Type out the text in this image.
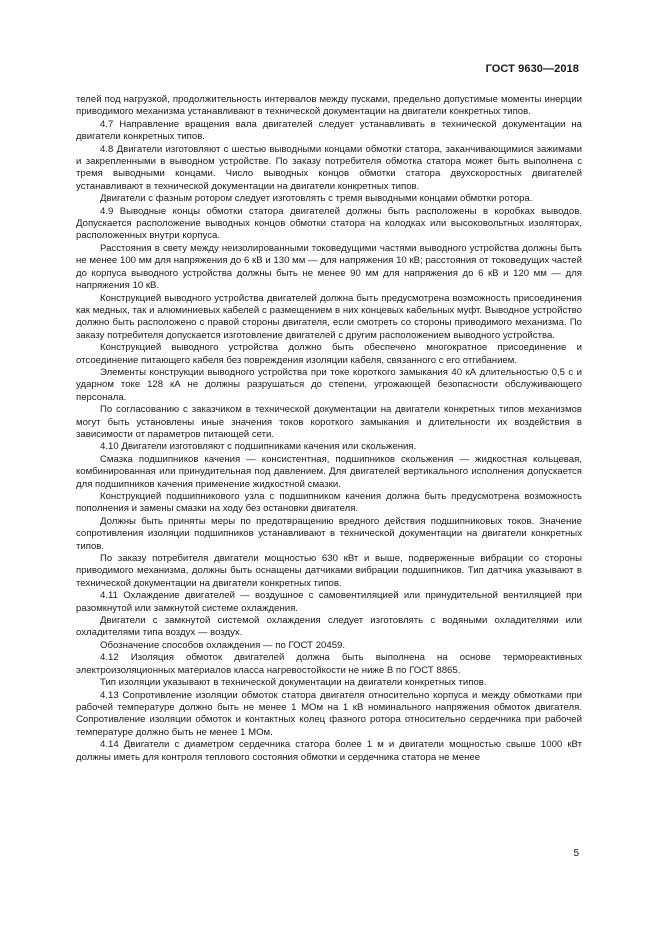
ГОСТ 9630—2018

телей под нагрузкой, продолжительность интервалов между пусками, предельно допустимые моменты инерции приводимого механизма устанавливают в технической документации на двигатели конкретных типов.

4.7 Направление вращения вала двигателей следует устанавливать в технической документации на двигатели конкретных типов.

4.8 Двигатели изготовляют с шестью выводными концами обмотки статора, заканчивающимися зажимами и закрепленными в выводном устройстве. По заказу потребителя обмотка статора может быть выполнена с тремя выводными концами. Число выводных концов обмотки статора двухскоростных двигателей устанавливают в технической документации на двигатели конкретных типов.

Двигатели с фазным ротором следует изготовлять с тремя выводными концами обмотки ротора.

4.9 Выводные концы обмотки статора двигателей должны быть расположены в коробках выводов. Допускается расположение выводных концов обмотки статора на колодках или высоковольтных изоляторах, расположенных внутри корпуса.

Расстояния в свету между неизолированными токоведущими частями выводного устройства должны быть не менее 100 мм для напряжения до 6 кВ и 130 мм — для напряжения 10 кВ; расстояния от токоведущих частей до корпуса выводного устройства должны быть не менее 90 мм для напряжения до 6 кВ и 120 мм — для напряжения 10 кВ.

Конструкцией выводного устройства двигателей должна быть предусмотрена возможность присоединения как медных, так и алюминиевых кабелей с размещением в них концевых кабельных муфт. Выводное устройство должно быть расположено с правой стороны двигателя, если смотреть со стороны приводимого механизма. По заказу потребителя допускается изготовление двигателей с другим расположением выводного устройства.

Конструкцией выводного устройства должно быть обеспечено многократное присоединение и отсоединение питающего кабеля без повреждения изоляции кабеля, связанного с его отгибанием.

Элементы конструкции выводного устройства при токе короткого замыкания 40 кА длительностью 0,5 с и ударном токе 128 кА не должны разрушаться до степени, угрожающей безопасности обслуживающего персонала.

По согласованию с заказчиком в технической документации на двигатели конкретных типов механизмов могут быть установлены иные значения токов короткого замыкания и длительности их воздействия в зависимости от параметров питающей сети.

4.10 Двигатели изготовляют с подшипниками качения или скольжения.

Смазка подшипников качения — консистентная, подшипников скольжения — жидкостная кольцевая, комбинированная или принудительная под давлением. Для двигателей вертикального исполнения допускается для подшипников качения применение жидкостной смазки.

Конструкцией подшипникового узла с подшипником качения должна быть предусмотрена возможность пополнения и замены смазки на ходу без остановки двигателя.

Должны быть приняты меры по предотвращению вредного действия подшипниковых токов. Значение сопротивления изоляции подшипников устанавливают в технической документации на двигатели конкретных типов.

По заказу потребителя двигатели мощностью 630 кВт и выше, подверженные вибрации со стороны приводимого механизма, должны быть оснащены датчиками вибрации подшипников. Тип датчика указывают в технической документации на двигатели конкретных типов.

4.11 Охлаждение двигателей — воздушное с самовентиляцией или принудительной вентиляцией при разомкнутой или замкнутой системе охлаждения.

Двигатели с замкнутой системой охлаждения следует изготовлять с водяными охладителями или охладителями типа воздух — воздух.

Обозначение способов охлаждения — по ГОСТ 20459.

4.12 Изоляция обмоток двигателей должна быть выполнена на основе термореактивных электроизоляционных материалов класса нагревостойкости не ниже В по ГОСТ 8865.

Тип изоляции указывают в технической документации на двигатели конкретных типов.

4.13 Сопротивление изоляции обмоток статора двигателя относительно корпуса и между обмотками при рабочей температуре должно быть не менее 1 МОм на 1 кВ номинального напряжения обмоток двигателя. Сопротивление изоляции обмоток и контактных колец фазного ротора относительно сердечника при рабочей температуре должно быть не менее 1 МОм.

4.14 Двигатели с диаметром сердечника статора более 1 м и двигатели мощностью свыше 1000 кВт должны иметь для контроля теплового состояния обмотки и сердечника статора не менее

5
